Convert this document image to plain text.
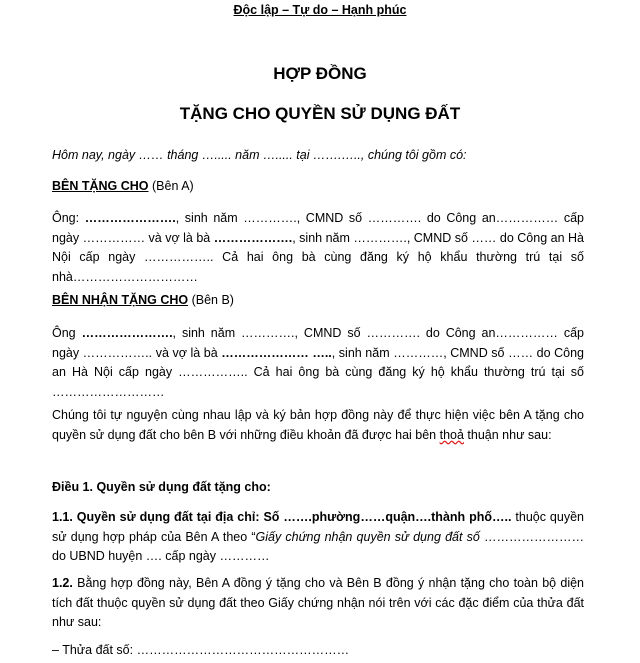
Độc lập – Tự do – Hạnh phúc
HỢP ĐỒNG
TẶNG CHO QUYỀN SỬ DỤNG ĐẤT
Hôm nay, ngày …… tháng …..... năm …..... tại …….….., chúng tôi gồm có:
BÊN TẶNG CHO (Bên A)
Ông: …………………., sinh năm …………., CMND số …………. do Công an…………… cấp ngày …………… và vợ là bà ………………., sinh năm …………., CMND số …… do Công an Hà Nội cấp ngày …………….. Cả hai ông bà cùng đăng ký hộ khẩu thường trú tại số nhà…………………………
BÊN NHẬN TẶNG CHO (Bên B)
Ông …………………., sinh năm …………., CMND số …………. do Công an…………… cấp ngày …………….. và vợ là bà ………………… ….., sinh năm …………, CMND số …… do Công an Hà Nội cấp ngày …………….. Cả hai ông bà cùng đăng ký hộ khẩu thường trú tại số ………………………
Chúng tôi tự nguyện cùng nhau lập và ký bản hợp đồng này để thực hiện việc bên A tặng cho quyền sử dụng đất cho bên B với những điều khoản đã được hai bên thoả thuận như sau:
Điều 1. Quyền sử dụng đất tặng cho:
1.1. Quyền sử dụng đất tại địa chỉ: Số …….phường……quận….thành phố….. thuộc quyền sử dụng hợp pháp của Bên A theo “Giấy chứng nhận quyền sử dụng đất số …………………… do UBND huyện …. cấp ngày …………
1.2. Bằng hợp đồng này, Bên A đồng ý tặng cho và Bên B đồng ý nhận tặng cho toàn bộ diện tích đất thuộc quyền sử dụng đất theo Giấy chứng nhận nói trên với các đặc điểm của thửa đất như sau:
– Thửa đất số: ……………………………………………
